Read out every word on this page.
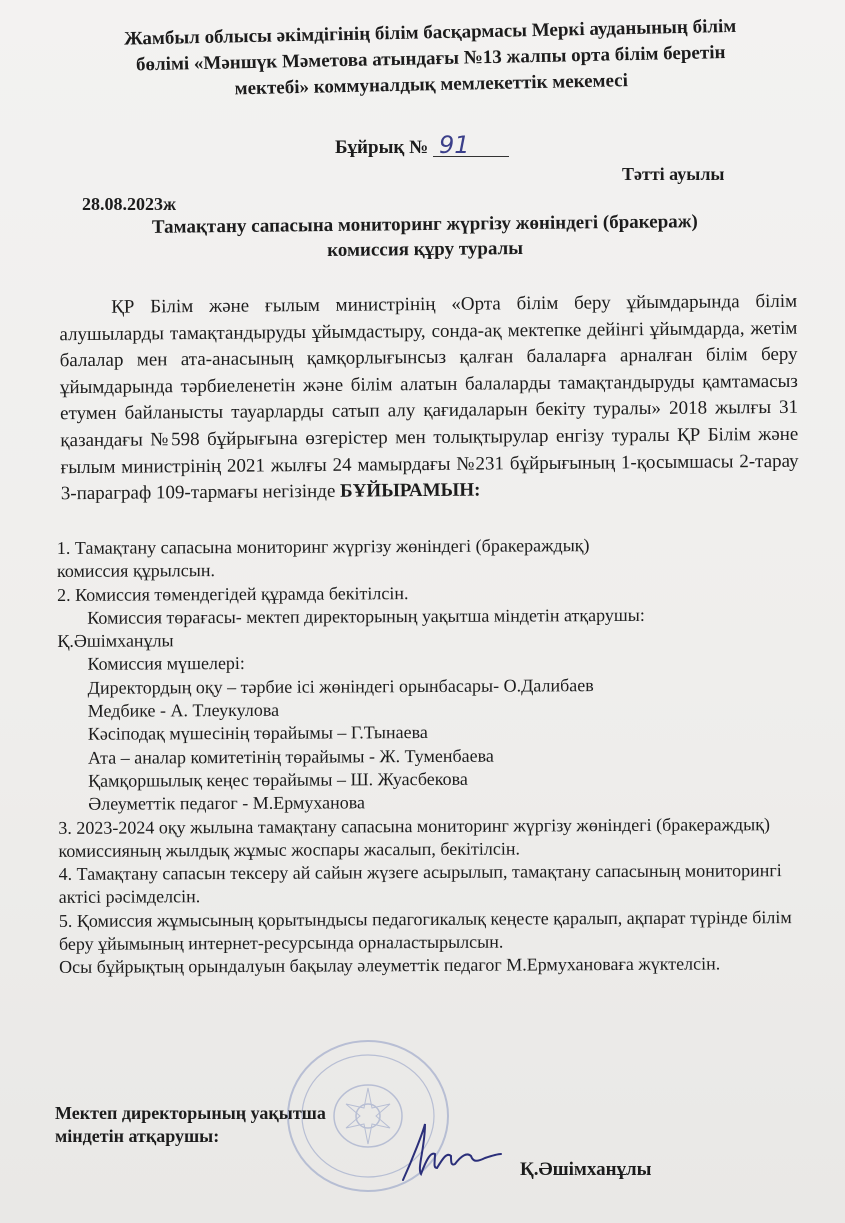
Жамбыл облысы әкімдігінің білім басқармасы Меркі ауданының білім
бөлімі «Мәншүк Мәметова атындағы №13 жалпы орта білім беретін
мектебі» коммуналдық мемлекеттік мекемесі
Бұйрық № 91
Тәтті ауылы
28.08.2023ж
Тамақтану сапасына мониторинг жүргізу жөніндегі (бракераж)
комиссия құру туралы
ҚР Білім және ғылым министрінің «Орта білім беру ұйымдарында білім алушыларды тамақтандыруды ұйымдастыру, сонда-ақ мектепке дейінгі ұйымдарда, жетім балалар мен ата-анасының қамқорлығынсыз қалған балаларға арналған білім беру ұйымдарында тәрбиеленетін және білім алатын балаларды тамақтандыруды қамтамасыз етумен байланысты тауарларды сатып алу қағидаларын бекіту туралы» 2018 жылғы 31 қазандағы №598 бұйрығына өзгерістер мен толықтырулар енгізу туралы ҚР Білім және ғылым министрінің 2021 жылғы 24 мамырдағы №231 бұйрығының 1-қосымшасы 2-тарау 3-параграф 109-тармағы негізінде БҰЙЫРАМЫН:
1. Тамақтану сапасына мониторинг жүргізу жөніндегі (бракераждық)
комиссия құрылсын.
2. Комиссия төмендегідей құрамда бекітілсін.
Комиссия төрағасы- мектеп директорының уақытша міндетін атқарушы:
Қ.Әшімханұлы
Комиссия мүшелері:
Директордың оқу – тәрбие ісі жөніндегі орынбасары- О.Далибаев
Медбике - А. Тлеукулова
Кәсіподақ мүшесінің төрайымы – Г.Тынаева
Ата – аналар комитетінің төрайымы - Ж. Туменбаева
Қамқоршылық кеңес төрайымы – Ш. Жуасбекова
Әлеуметтік педагог - М.Ермуханова
3. 2023-2024 оқу жылына тамақтану сапасына мониторинг жүргізу жөніндегі (бракераждық) комиссияның жылдық жұмыс жоспары жасалып, бекітілсін.
4. Тамақтану сапасын тексеру ай сайын жүзеге асырылып, тамақтану сапасының мониторингі актісі рәсімделсін.
5. Қомиссия жұмысының қорытындысы педагогикалық кеңесте қаралып, ақпарат түрінде білім беру ұйымының интернет-ресурсында орналастырылсын.
Осы бұйрықтың орындалуын бақылау әлеуметтік педагог М.Ермухановаға жүктелсін.
Мектеп директорының уақытша
міндетін атқарушы:
Қ.Әшімханұлы
